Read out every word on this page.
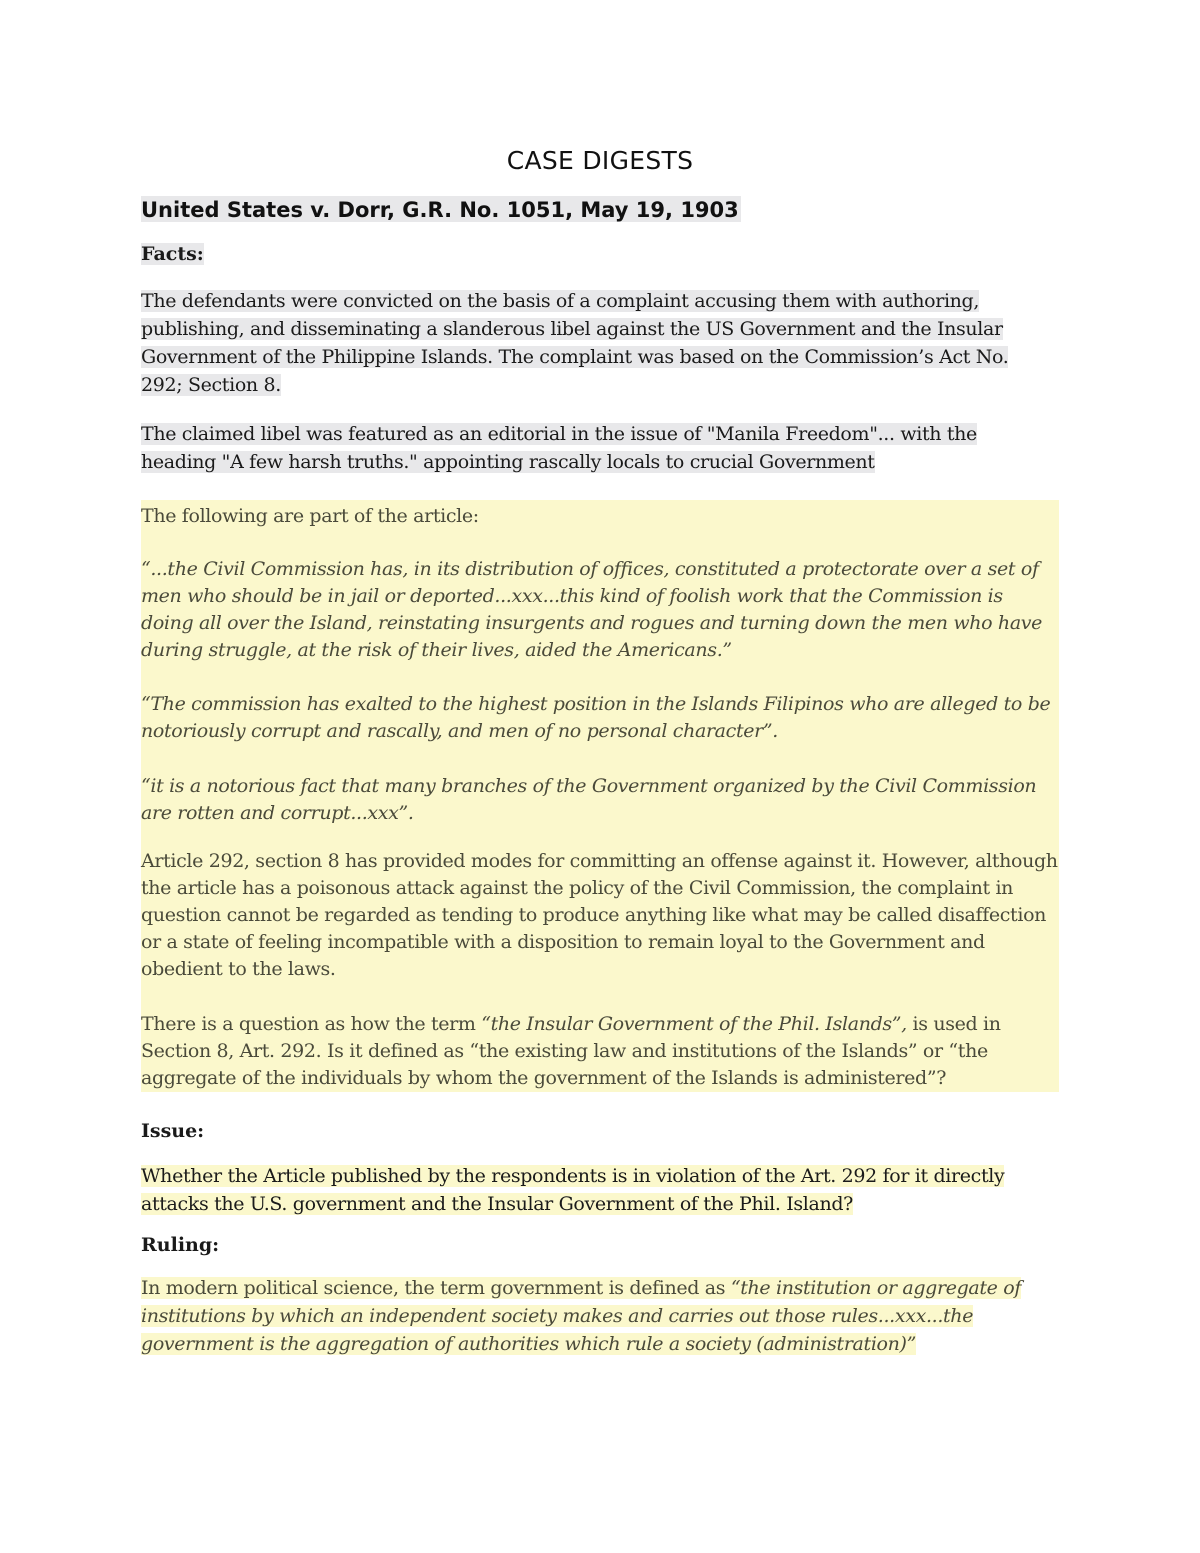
CASE DIGESTS
United States v. Dorr, G.R. No. 1051, May 19, 1903
Facts:
The defendants were convicted on the basis of a complaint accusing them with authoring, publishing, and disseminating a slanderous libel against the US Government and the Insular Government of the Philippine Islands. The complaint was based on the Commission’s Act No. 292; Section 8.
The claimed libel was featured as an editorial in the issue of "Manila Freedom"... with the heading "A few harsh truths." appointing rascally locals to crucial Government
The following are part of the article:
“...the Civil Commission has, in its distribution of offices, constituted a protectorate over a set of men who should be in jail or deported...xxx...this kind of foolish work that the Commission is doing all over the Island, reinstating insurgents and rogues and turning down the men who have during struggle, at the risk of their lives, aided the Americans.”
“The commission has exalted to the highest position in the Islands Filipinos who are alleged to be notoriously corrupt and rascally, and men of no personal character”.
“it is a notorious fact that many branches of the Government organized by the Civil Commission are rotten and corrupt...xxx”.
Article 292, section 8 has provided modes for committing an offense against it. However, although the article has a poisonous attack against the policy of the Civil Commission, the complaint in question cannot be regarded as tending to produce anything like what may be called disaffection or a state of feeling incompatible with a disposition to remain loyal to the Government and obedient to the laws.
There is a question as how the term “the Insular Government of the Phil. Islands”, is used in Section 8, Art. 292. Is it defined as “the existing law and institutions of the Islands” or “the aggregate of the individuals by whom the government of the Islands is administered”?
Issue:
Whether the Article published by the respondents is in violation of the Art. 292 for it directly attacks the U.S. government and the Insular Government of the Phil. Island?
Ruling:
In modern political science, the term government is defined as “the institution or aggregate of institutions by which an independent society makes and carries out those rules...xxx...the government is the aggregation of authorities which rule a society (administration)”
